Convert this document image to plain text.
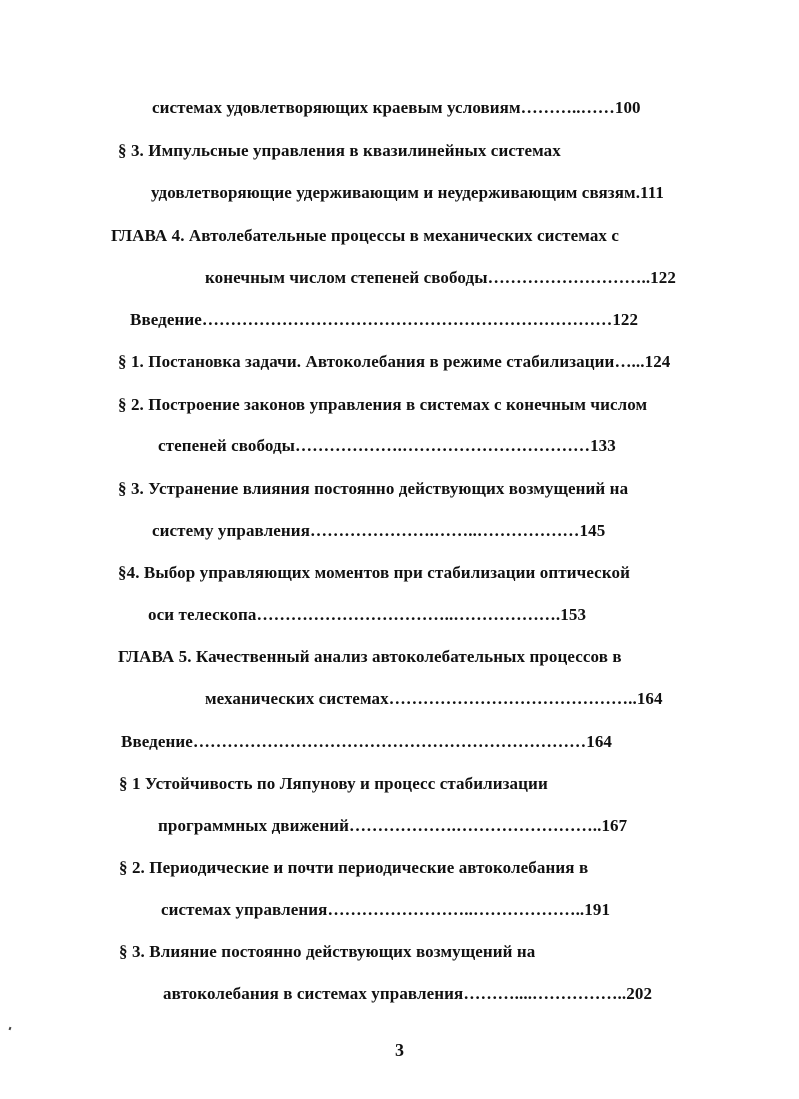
системах удовлетворяющих краевым условиям………..……100
§ 3. Импульсные управления в квазилинейных системах
удовлетворяющие удерживающим и неудерживающим связям.111
ГЛАВА 4. Автолебательные процессы в механических системах с
конечным числом степеней свободы………………………..122
Введение………………………………………………………………122
§ 1. Постановка задачи. Автоколебания в режиме стабилизации…...124
§ 2. Построение законов управления в системах с конечным числом
степеней свободы……………….……………………………133
§ 3. Устранение влияния постоянно действующих возмущений на
систему управления………………….……..………………145
§4. Выбор управляющих моментов при стабилизации оптической
оси телескопа……………………………..……………….153
ГЛАВА 5. Качественный анализ автоколебательных процессов в
механических системах……………………………………..164
Введение……………………………………………………………164
§ 1 Устойчивость по Ляпунову и процесс стабилизации
программных движений……………….……………………..167
§ 2. Периодические и почти периодические автоколебания в
системах управления……………………..………………..191
§ 3. Влияние постоянно действующих возмущений на
автоколебания в системах управления………....……………..202
3
